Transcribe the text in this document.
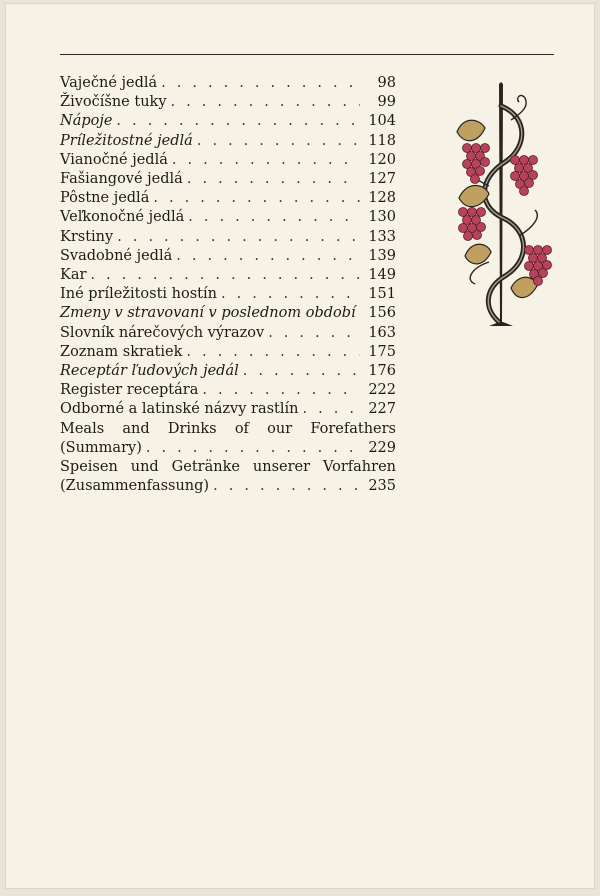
Vaječné jedlá . . .	98
Živočíšne tuky . . .	99
Nápoje . . .	104
Príležitostné jedlá . . .	118
Vianočné jedlá . . .	120
Fašiangové jedlá . . .	127
Pôstne jedlá . . .	128
Veľkonočné jedlá . . .	130
Krstiny . . .	133
Svadobné jedlá . . .	139
Kar . . .	149
Iné príležitosti hostín . . .	151
Zmeny v stravovaní v poslednom období . . . 156
Slovník nárečových výrazov . . .	163
Zoznam skratiek . . .	175
Receptár ľudových jedál . . .	176
Register receptára . . .	222
Odborné a latinské názvy rastlín . . .	227
Meals and Drinks of our Forefathers
(Summary) . . .	229
Speisen und Getränke unserer Vorfahren
(Zusammenfassung) . . .	235
